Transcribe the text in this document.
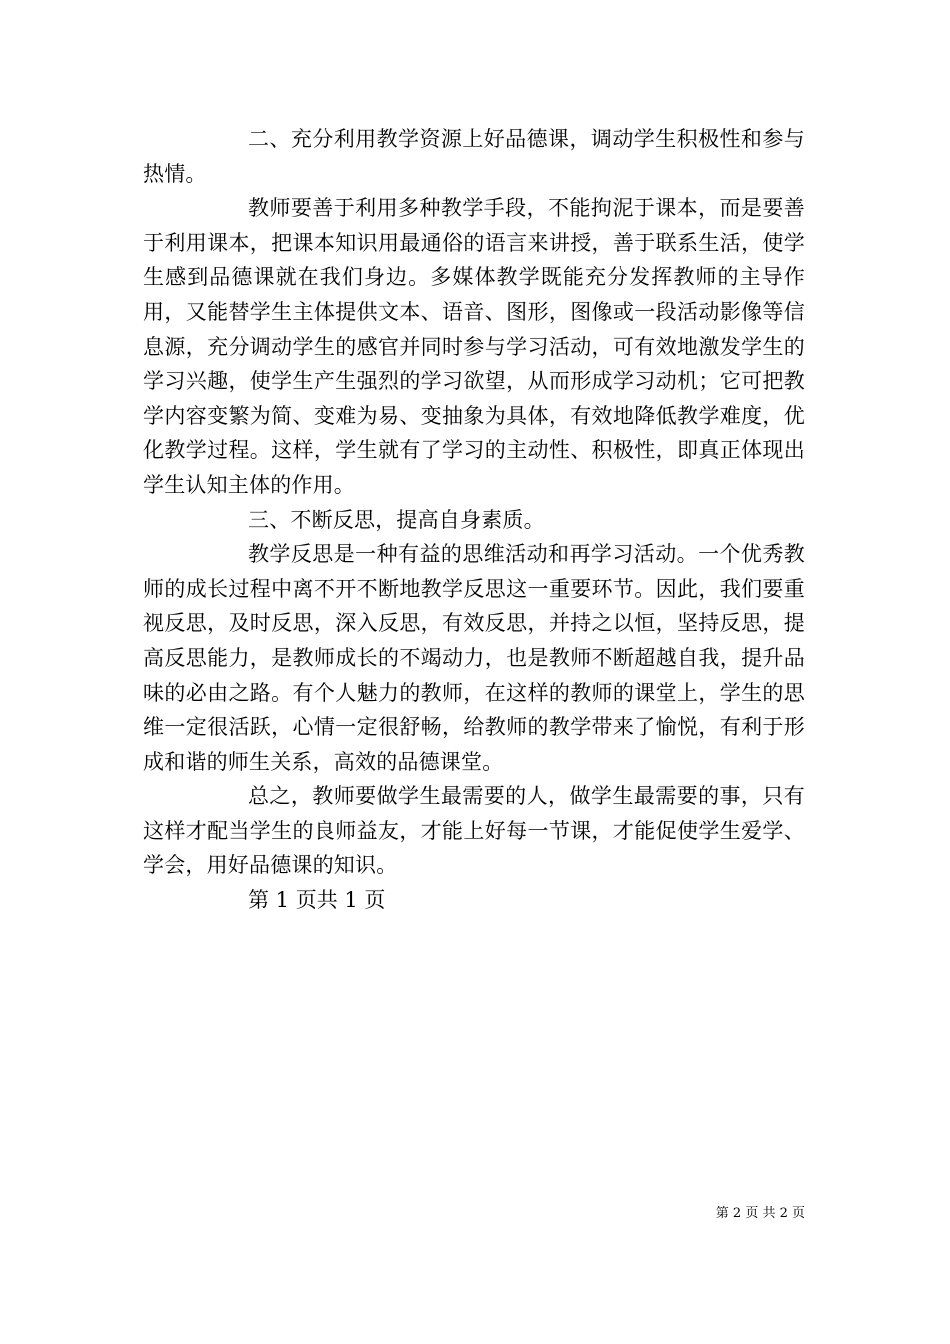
二、充分利用教学资源上好品德课，调动学生积极性和参与热情。

教师要善于利用多种教学手段，不能拘泥于课本，而是要善于利用课本，把课本知识用最通俗的语言来讲授，善于联系生活，使学生感到品德课就在我们身边。多媒体教学既能充分发挥教师的主导作用，又能替学生主体提供文本、语音、图形，图像或一段活动影像等信息源，充分调动学生的感官并同时参与学习活动，可有效地激发学生的学习兴趣，使学生产生强烈的学习欲望，从而形成学习动机；它可把教学内容变繁为简、变难为易、变抽象为具体，有效地降低教学难度，优化教学过程。这样，学生就有了学习的主动性、积极性，即真正体现出学生认知主体的作用。

三、不断反思，提高自身素质。

教学反思是一种有益的思维活动和再学习活动。一个优秀教师的成长过程中离不开不断地教学反思这一重要环节。因此，我们要重视反思，及时反思，深入反思，有效反思，并持之以恒，坚持反思，提高反思能力，是教师成长的不竭动力，也是教师不断超越自我，提升品味的必由之路。有个人魅力的教师，在这样的教师的课堂上，学生的思维一定很活跃，心情一定很舒畅，给教师的教学带来了愉悦，有利于形成和谐的师生关系，高效的品德课堂。

总之，教师要做学生最需要的人，做学生最需要的事，只有这样才配当学生的良师益友，才能上好每一节课，才能促使学生爱学、学会，用好品德课的知识。

第 1 页共 1 页

第 2 页 共 2 页
